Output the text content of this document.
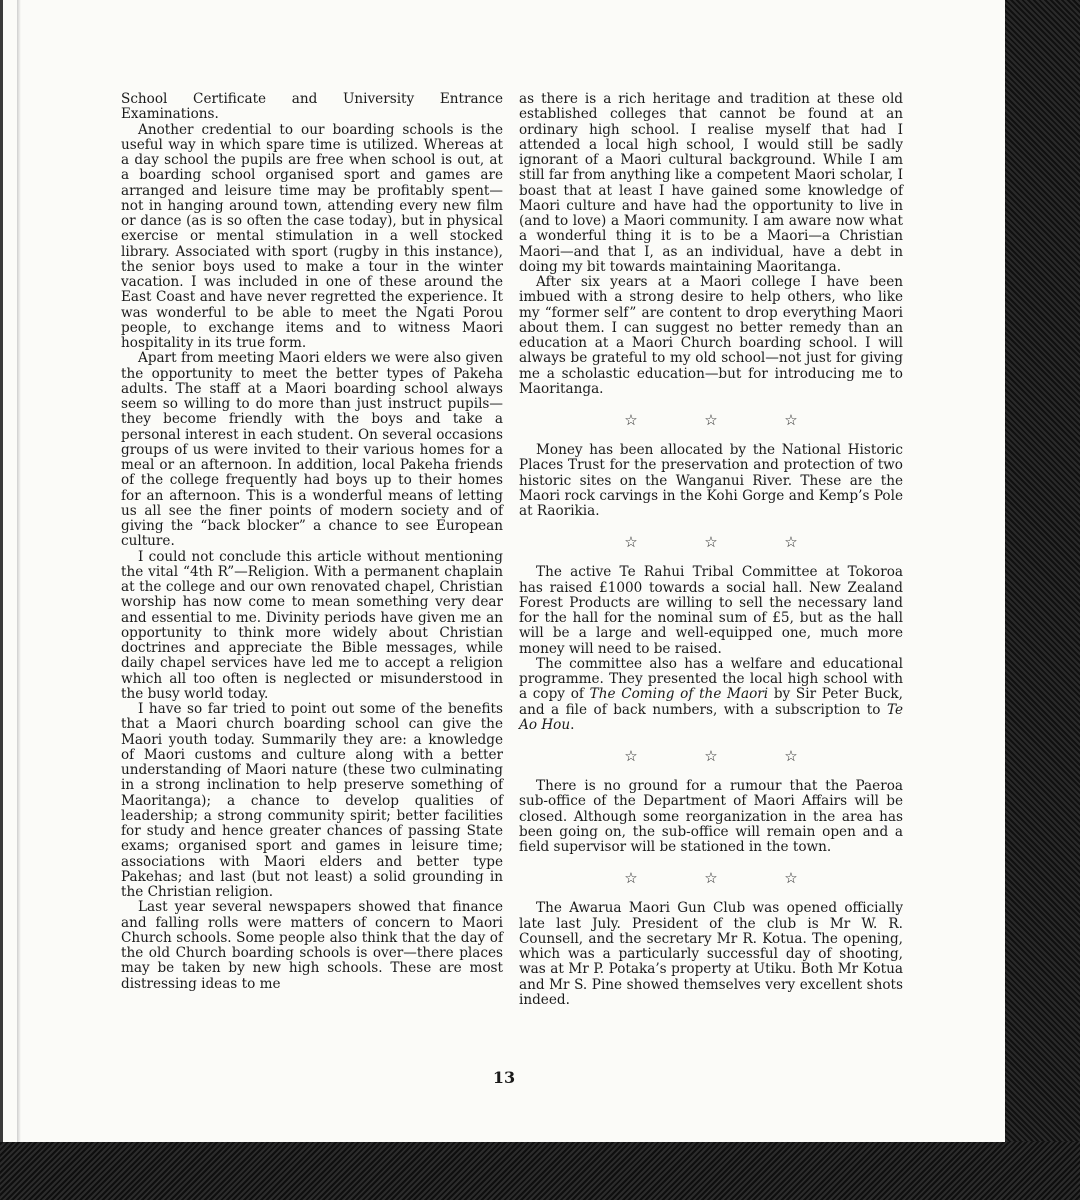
School Certificate and University Entrance Examinations.

Another credential to our boarding schools is the useful way in which spare time is utilized. Whereas at a day school the pupils are free when school is out, at a boarding school organised sport and games are arranged and leisure time may be profitably spent—not in hanging around town, attending every new film or dance (as is so often the case today), but in physical exercise or mental stimulation in a well stocked library. Associated with sport (rugby in this instance), the senior boys used to make a tour in the winter vacation. I was included in one of these around the East Coast and have never regretted the experience. It was wonderful to be able to meet the Ngati Porou people, to exchange items and to witness Maori hospitality in its true form.

Apart from meeting Maori elders we were also given the opportunity to meet the better types of Pakeha adults. The staff at a Maori boarding school always seem so willing to do more than just instruct pupils—they become friendly with the boys and take a personal interest in each student. On several occasions groups of us were invited to their various homes for a meal or an afternoon. In addition, local Pakeha friends of the college frequently had boys up to their homes for an afternoon. This is a wonderful means of letting us all see the finer points of modern society and of giving the “back blocker” a chance to see European culture.

I could not conclude this article without mentioning the vital “4th R”—Religion. With a permanent chaplain at the college and our own renovated chapel, Christian worship has now come to mean something very dear and essential to me. Divinity periods have given me an opportunity to think more widely about Christian doctrines and appreciate the Bible messages, while daily chapel services have led me to accept a religion which all too often is neglected or misunderstood in the busy world today.

I have so far tried to point out some of the benefits that a Maori church boarding school can give the Maori youth today. Summarily they are: a knowledge of Maori customs and culture along with a better understanding of Maori nature (these two culminating in a strong inclination to help preserve something of Maoritanga); a chance to develop qualities of leadership; a strong community spirit; better facilities for study and hence greater chances of passing State exams; organised sport and games in leisure time; associations with Maori elders and better type Pakehas; and last (but not least) a solid grounding in the Christian religion.

Last year several newspapers showed that finance and falling rolls were matters of concern to Maori Church schools. Some people also think that the day of the old Church boarding schools is over—there places may be taken by new high schools. These are most distressing ideas to me

as there is a rich heritage and tradition at these old established colleges that cannot be found at an ordinary high school. I realise myself that had I attended a local high school, I would still be sadly ignorant of a Maori cultural background. While I am still far from anything like a competent Maori scholar, I boast that at least I have gained some knowledge of Maori culture and have had the opportunity to live in (and to love) a Maori community. I am aware now what a wonderful thing it is to be a Maori—a Christian Maori—and that I, as an individual, have a debt in doing my bit towards maintaining Maoritanga.

After six years at a Maori college I have been imbued with a strong desire to help others, who like my “former self” are content to drop everything Maori about them. I can suggest no better remedy than an education at a Maori Church boarding school. I will always be grateful to my old school—not just for giving me a scholastic education—but for introducing me to Maoritanga.

☆	☆	☆

Money has been allocated by the National Historic Places Trust for the preservation and protection of two historic sites on the Wanganui River. These are the Maori rock carvings in the Kohi Gorge and Kemp’s Pole at Raorikia.

☆	☆	☆

The active Te Rahui Tribal Committee at Tokoroa has raised £1000 towards a social hall. New Zealand Forest Products are willing to sell the necessary land for the hall for the nominal sum of £5, but as the hall will be a large and well-equipped one, much more money will need to be raised.

The committee also has a welfare and educational programme. They presented the local high school with a copy of The Coming of the Maori by Sir Peter Buck, and a file of back numbers, with a subscription to Te Ao Hou.

☆	☆	☆

There is no ground for a rumour that the Paeroa sub-office of the Department of Maori Affairs will be closed. Although some reorganization in the area has been going on, the sub-office will remain open and a field supervisor will be stationed in the town.

☆	☆	☆

The Awarua Maori Gun Club was opened officially late last July. President of the club is Mr W. R. Counsell, and the secretary Mr R. Kotua. The opening, which was a particularly successful day of shooting, was at Mr P. Potaka’s property at Utiku. Both Mr Kotua and Mr S. Pine showed themselves very excellent shots indeed.

13
